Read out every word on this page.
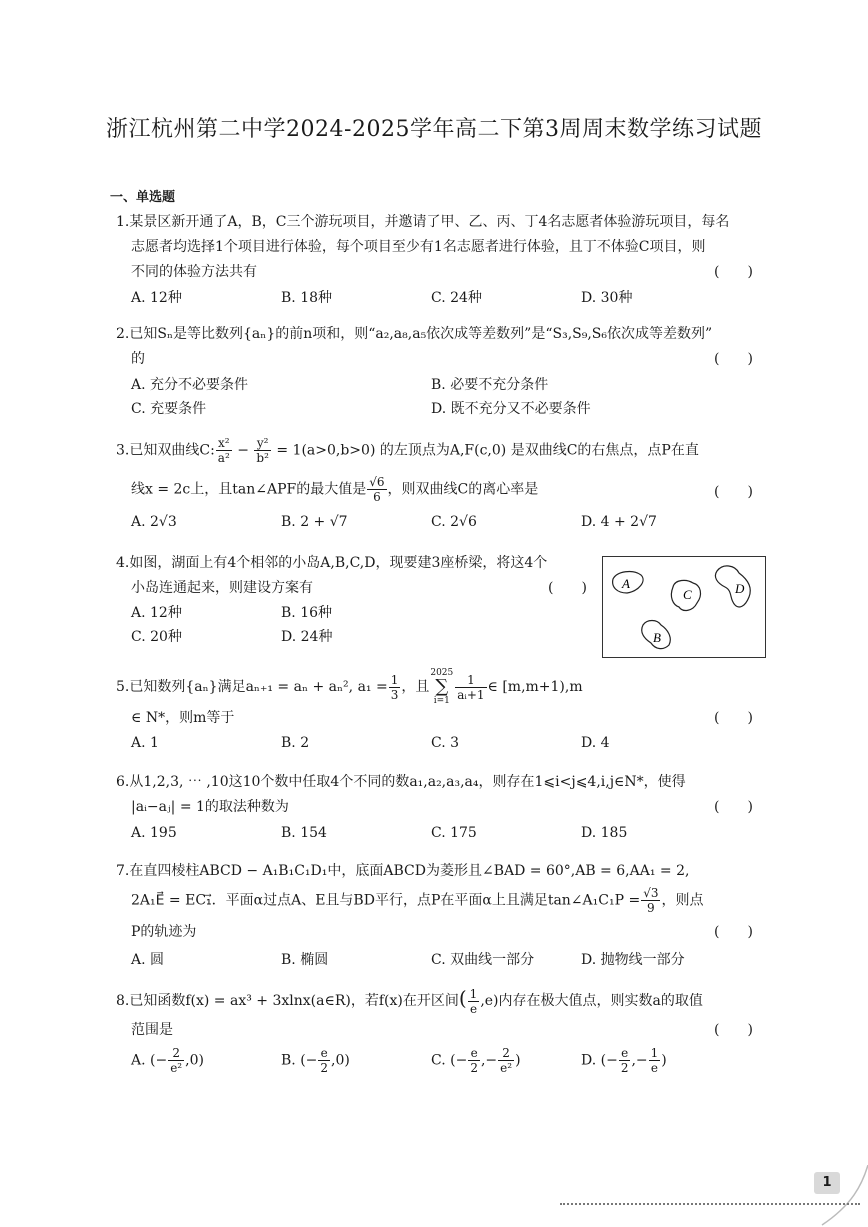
浙江杭州第二中学2024-2025学年高二下第3周周末数学练习试题
一、单选题
1.某景区新开通了A，B，C三个游玩项目，并邀请了甲、乙、丙、丁4名志愿者体验游玩项目，每名
志愿者均选择1个项目进行体验，每个项目至少有1名志愿者进行体验，且丁不体验C项目，则
不同的体验方法共有	(　　)
A. 12种	B. 18种	C. 24种	D. 30种
2.已知Sₙ是等比数列{aₙ}的前n项和，则“a₂,a₈,a₅依次成等差数列”是“S₃,S₉,S₆依次成等差数列”
的	(　　)
A. 充分不必要条件	B. 必要不充分条件
C. 充要条件	D. 既不充分又不必要条件
3.已知双曲线C: $\frac{\text{x²}}{\text{a²}} - \frac{\text{y²}}{\text{b²}} = 1(a>0,b>0)$ 的左顶点为A,F(c,0) 是双曲线C的右焦点，点P在直
线x = 2c上，且tan∠APF的最大值是 $\frac{√6}{6}$ ，则双曲线C的离心率是	(　　)
A. 2√3	B. 2 + √7	C. 2√6	D. 4 + 2√7
4.如图，湖面上有4个相邻的小岛A,B,C,D，现要建3座桥梁，将这4个
小岛连通起来，则建设方案有	(　　)
A. 12种	B. 16种
C. 20种	D. 24种
A
B
C	D
5.已知数列{aₙ}满足aₙ₊₁ = aₙ + aₙ², $a_1 = \frac{1}{3}$ ，且
2025
∑
$i=1 \frac{1}{\text{aᵢ+1}}$ ∈ [m,m+1),m
∈ N*，则m等于	(　　)
A. 1	B. 2	C. 3	D. 4
6.从1,2,3, ⋯ ,10这10个数中任取4个不同的数a₁,a₂,a₃,a₄，则存在1⩽i<j⩽4,i,j∈N*，使得
|aᵢ−aⱼ| = 1的取法种数为	(　　)
A. 195	B. 154	C. 175	D. 185
7.在直四棱柱ABCD − A₁B₁C₁D₁中，底面ABCD为菱形且∠BAD = 60°,AB = 6,AA₁ = 2,
2A₁E⃗ = EC₁⃗．平面α过点A、E且与BD平行，点P在平面α上且满足tan∠A₁C₁P = $\frac{√3}{9}$ ，则点
P的轨迹为	(　　)
A. 圆	B. 椭圆	C. 双曲线一部分	D. 抛物线一部分
8.已知函数f(x) = ax³ + 3xlnx(a∈R)，若f(x)在开区间( $\frac{1}{e} ,e$)内存在极大值点，则实数a的取值
范围是	(　　)
A. (− $\frac{2}{\text{e²}} ,0$)	B. (− $\frac{e}{2} ,0$)	C. (− $\frac{e}{2}$ ,− $\frac{2}{\text{e²}}$ )	D. (− $\frac{e}{2}$ ,− $\frac{1}{e}$ )
1
